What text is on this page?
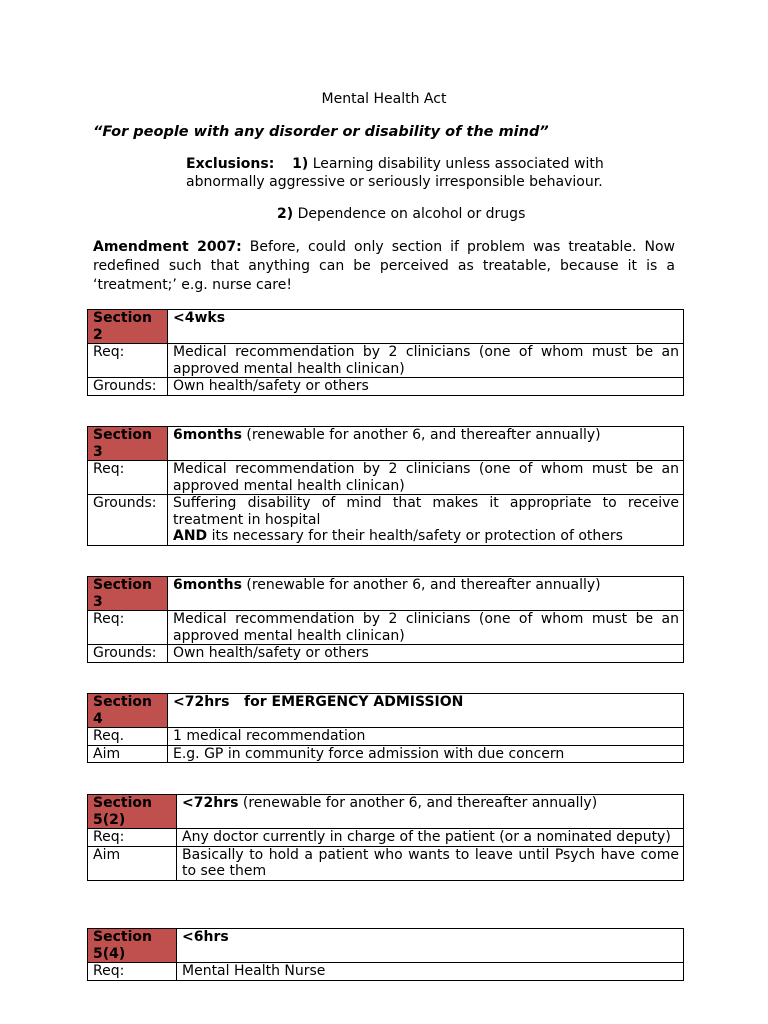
Mental Health Act
“For people with any disorder or disability of the mind”
Exclusions: 1) Learning disability unless associated with
abnormally aggressive or seriously irresponsible behaviour.
2) Dependence on alcohol or drugs
Amendment 2007: Before, could only section if problem was treatable. Now redefined such that anything can be perceived as treatable, because it is a ‘treatment;’ e.g. nurse care!
Section 2	<4wks
Req:	Medical recommendation by 2 clinicians (one of whom must be an approved mental health clinican)
Grounds:	Own health/safety or others
Section 3	6months (renewable for another 6, and thereafter annually)
Req:	Medical recommendation by 2 clinicians (one of whom must be an approved mental health clinican)
Grounds:	Suffering disability of mind that makes it appropriate to receive treatment in hospital
AND its necessary for their health/safety or protection of others
Section 3	6months (renewable for another 6, and thereafter annually)
Req:	Medical recommendation by 2 clinicians (one of whom must be an approved mental health clinican)
Grounds:	Own health/safety or others
Section 4	<72hrs   for EMERGENCY ADMISSION
Req.	1 medical recommendation
Aim	E.g. GP in community force admission with due concern
Section 5(2)	<72hrs (renewable for another 6, and thereafter annually)
Req:	Any doctor currently in charge of the patient (or a nominated deputy)
Aim	Basically to hold a patient who wants to leave until Psych have come to see them
Section 5(4)	<6hrs
Req:	Mental Health Nurse
